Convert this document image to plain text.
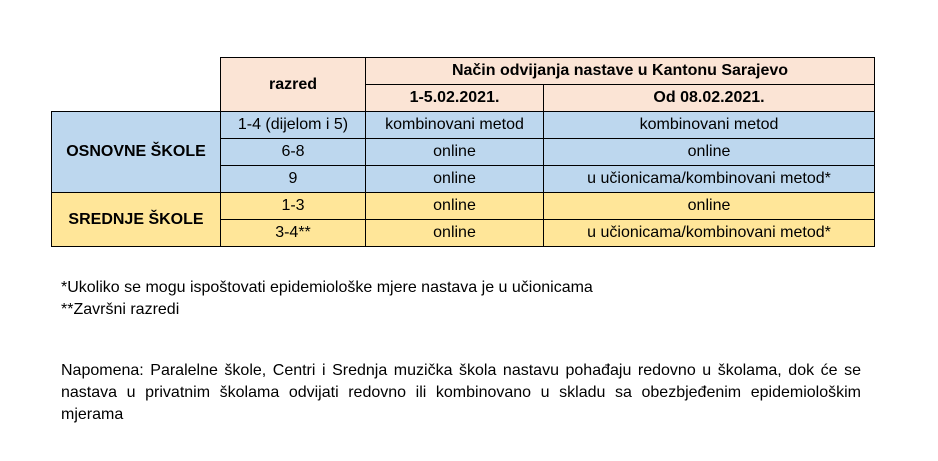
	razred	Način odvijanja nastave u Kantonu Sarajevo	
		1-5.02.2021.	Od 08.02.2021.
OSNOVNE ŠKOLE	1-4 (dijelom i 5)	kombinovani metod	kombinovani metod
	6-8	online	online
	9	online	u učionicama/kombinovani metod*
SREDNJE ŠKOLE	1-3	online	online
	3-4**	online	u učionicama/kombinovani metod*

*Ukoliko se mogu ispoštovati epidemiološke mjere nastava je u učionicama

**Završni razredi

Napomena: Paralelne škole, Centri i Srednja muzička škola nastavu pohađaju redovno u školama, dok će se nastava u privatnim školama odvijati redovno ili kombinovano u skladu sa obezbjeđenim epidemiološkim mjerama
